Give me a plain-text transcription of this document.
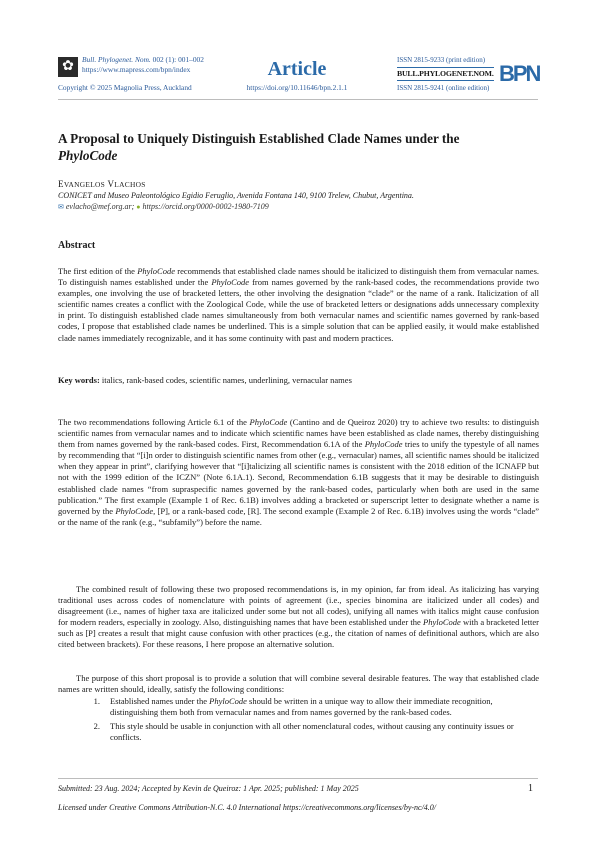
✿	Bull. Phylogenet. Nom. 002 (1): 001–002
https://www.mapress.com/bpn/index
Copyright © 2025 Magnolia Press, Auckland
Article
https://doi.org/10.11646/bpn.2.1.1
ISSN 2815-9233 (print edition)
BULL.PHYLOGENET.NOM.
ISSN 2815-9241 (online edition)
BPN
A Proposal to Uniquely Distinguish Established Clade Names under the
PhyloCode
EVANGELOS VLACHOS
CONICET and Museo Paleontológico Egidio Feruglio, Avenida Fontana 140, 9100 Trelew, Chubut, Argentina.
✉ evlacho@mef.org.ar; ● https://orcid.org/0000-0002-1980-7109
Abstract

The first edition of the PhyloCode recommends that established clade names should be italicized to distinguish them from vernacular names. To distinguish names established under the PhyloCode from names governed by the rank-based codes, the recommendations provide two examples, one involving the use of bracketed letters, the other involving the designation “clade” or the name of a rank. Italicization of all scientific names creates a conflict with the Zoological Code, while the use of bracketed letters or designations adds unnecessary complexity in print. To distinguish established clade names simultaneously from both vernacular names and scientific names governed by rank-based codes, I propose that established clade names be underlined. This is a simple solution that can be applied easily, it would make established clade names immediately recognizable, and it has some continuity with past and modern practices.

Key words: italics, rank-based codes, scientific names, underlining, vernacular names

The two recommendations following Article 6.1 of the PhyloCode (Cantino and de Queiroz 2020) try to achieve two results: to distinguish scientific names from vernacular names and to indicate which scientific names have been established as clade names, thereby distinguishing them from names governed by the rank-based codes. First, Recommendation 6.1A of the PhyloCode tries to unify the typestyle of all names by recommending that “[i]n order to distinguish scientific names from other (e.g., vernacular) names, all scientific names should be italicized when they appear in print”, clarifying however that “[i]talicizing all scientific names is consistent with the 2018 edition of the ICNAFP but not with the 1999 edition of the ICZN” (Note 6.1A.1). Second, Recommendation 6.1B suggests that it may be desirable to distinguish established clade names “from supraspecific names governed by the rank-based codes, particularly when both are used in the same publication.” The first example (Example 1 of Rec. 6.1B) involves adding a bracketed or superscript letter to designate whether a name is governed by the PhyloCode, [P], or a rank-based code, [R]. The second example (Example 2 of Rec. 6.1B) involves using the words “clade” or the name of the rank (e.g., “subfamily”) before the name.

The combined result of following these two proposed recommendations is, in my opinion, far from ideal. As italicizing has varying traditional uses across codes of nomenclature with points of agreement (i.e., species binomina are italicized under all codes) and disagreement (i.e., names of higher taxa are italicized under some but not all codes), unifying all names with italics might cause confusion for modern readers, especially in zoology. Also, distinguishing names that have been established under the PhyloCode with a bracketed letter such as [P] creates a result that might cause confusion with other practices (e.g., the citation of names of definitional authors, which are also cited between brackets). For these reasons, I here propose an alternative solution.

The purpose of this short proposal is to provide a solution that will combine several desirable features. The way that established clade names are written should, ideally, satisfy the following conditions:

1.	Established names under the PhyloCode should be written in a unique way to allow their immediate recognition, distinguishing them both from vernacular names and from names governed by the rank-based codes.
2.	This style should be usable in conjunction with all other nomenclatural codes, without causing any continuity issues or conflicts.
Submitted: 23 Aug. 2024; Accepted by Kevin de Queiroz: 1 Apr. 2025; published: 1 May 2025	1
Licensed under Creative Commons Attribution-N.C. 4.0 International https://creativecommons.org/licenses/by-nc/4.0/
